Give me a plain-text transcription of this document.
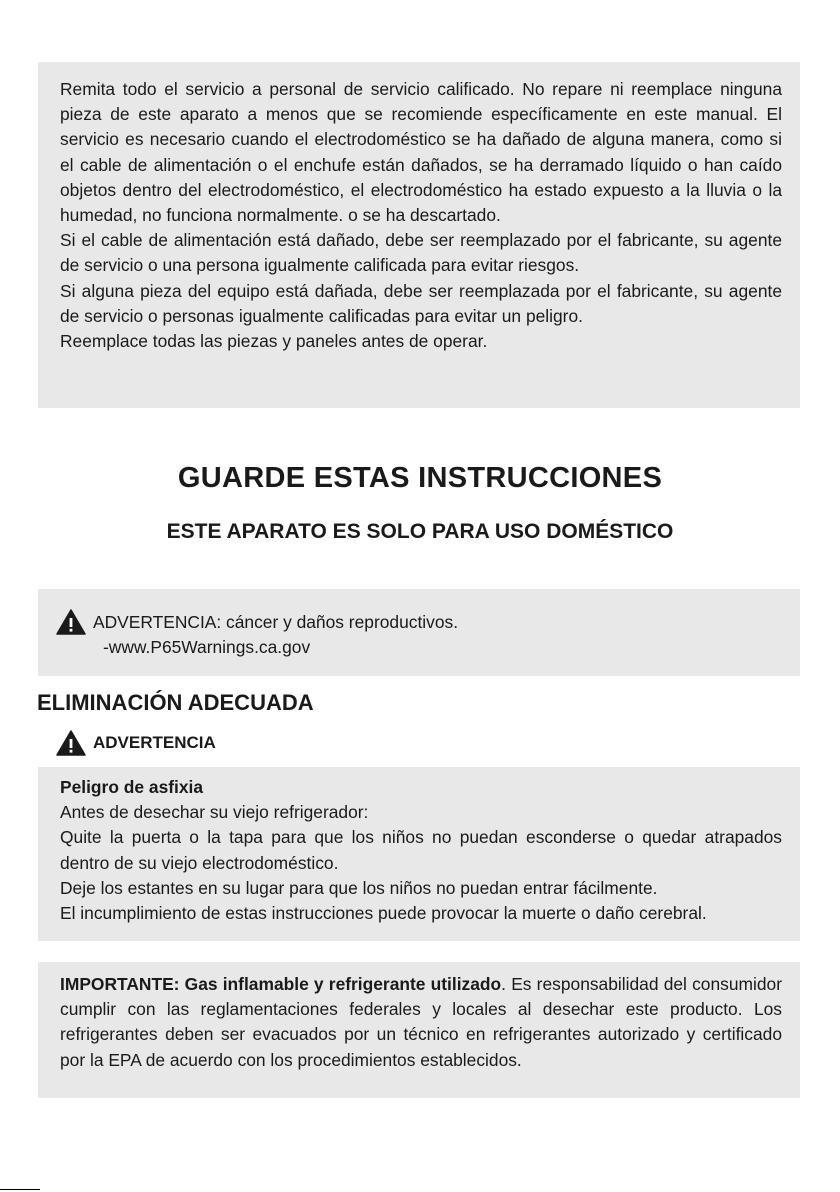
Remita todo el servicio a personal de servicio calificado. No repare ni reemplace ninguna pieza de este aparato a menos que se recomiende específicamente en este manual. El servicio es necesario cuando el electrodoméstico se ha dañado de alguna manera, como si el cable de alimentación o el enchufe están dañados, se ha derramado líquido o han caído objetos dentro del electrodoméstico, el electrodoméstico ha estado expuesto a la lluvia o la humedad, no funciona normalmente. o se ha descartado.

Si el cable de alimentación está dañado, debe ser reemplazado por el fabricante, su agente de servicio o una persona igualmente calificada para evitar riesgos.

Si alguna pieza del equipo está dañada, debe ser reemplazada por el fabricante, su agente de servicio o personas igualmente calificadas para evitar un peligro.

Reemplace todas las piezas y paneles antes de operar.

GUARDE ESTAS INSTRUCCIONES
ESTE APARATO ES SOLO PARA USO DOMÉSTICO
ADVERTENCIA: cáncer y daños reproductivos.
-www.P65Warnings.ca.gov
ELIMINACIÓN ADECUADA
ADVERTENCIA

Peligro de asfixia

Antes de desechar su viejo refrigerador:

Quite la puerta o la tapa para que los niños no puedan esconderse o quedar atrapados dentro de su viejo electrodoméstico.

Deje los estantes en su lugar para que los niños no puedan entrar fácilmente.

El incumplimiento de estas instrucciones puede provocar la muerte o daño cerebral.

IMPORTANTE: Gas inflamable y refrigerante utilizado. Es responsabilidad del consumidor cumplir con las reglamentaciones federales y locales al desechar este producto. Los refrigerantes deben ser evacuados por un técnico en refrigerantes autorizado y certificado por la EPA de acuerdo con los procedimientos establecidos.
